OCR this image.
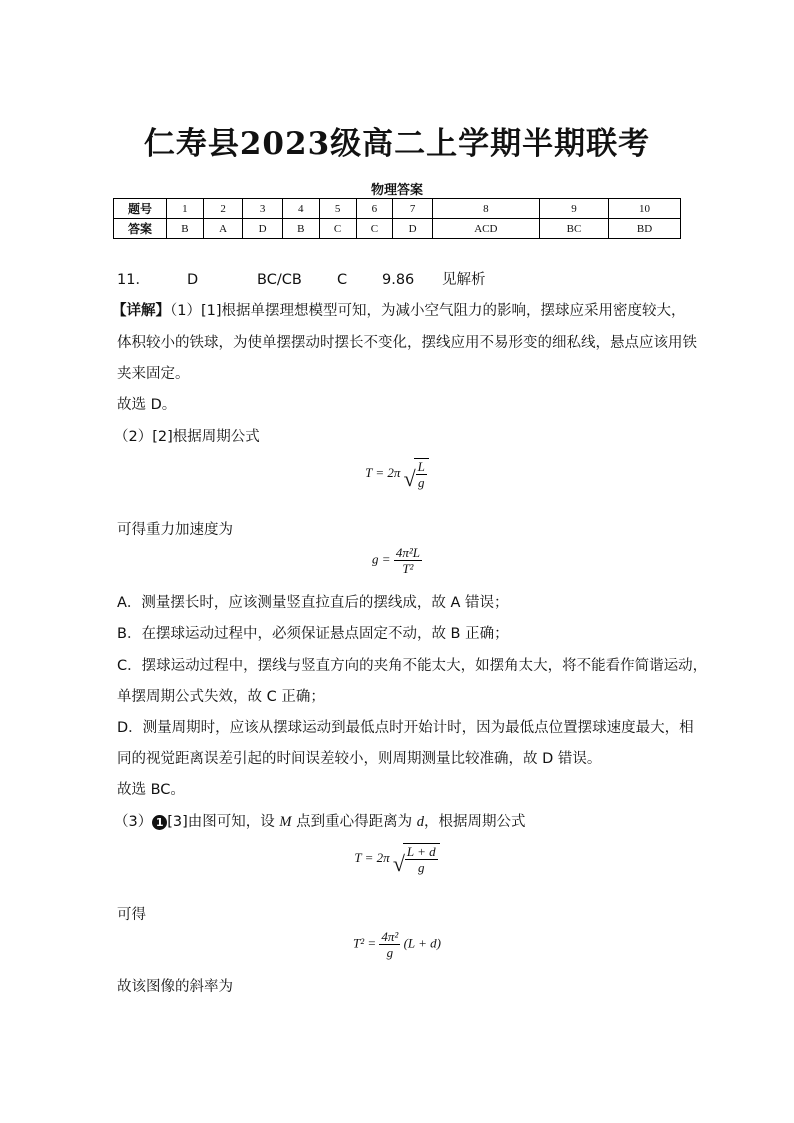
仁寿县2023级高二上学期半期联考
物理答案
题号	1	2	3	4	5	6	7	8	9	10
答案	B	A	D	B	C	C	D	ACD	BC	BD
11．	D	BC/CB C 9.86 见解析
【详解】（1）[1]根据单摆理想模型可知，为减小空气阻力的影响，摆球应采用密度较大，
体积较小的铁球，为使单摆摆动时摆长不变化，摆线应用不易形变的细私线，悬点应该用铁
夹来固定。
故选 D。
（2）[2]根据周期公式
T = 2π √ $\frac{L}{g}$
可得重力加速度为
$g = \frac{\text{4π²L}}{\text{T²}}$
A．测量摆长时，应该测量竖直拉直后的摆线成，故 A 错误；
B．在摆球运动过程中，必须保证悬点固定不动，故 B 正确；
C．摆球运动过程中，摆线与竖直方向的夹角不能太大，如摆角太大，将不能看作简谐运动，
单摆周期公式失效，故 C 正确；
D．测量周期时，应该从摆球运动到最低点时开始计时，因为最低点位置摆球速度最大，相
同的视觉距离误差引起的时间误差较小，则周期测量比较准确，故 D 错误。
故选 BC。
（3） 1 [3]由图可知，设 M 点到重心得距离为 d，根据周期公式
T = 2π √ $\frac{L + d}{g}$
可得
$T^2 = \frac{\text{4π²}}{g} (L + d)$
故该图像的斜率为
